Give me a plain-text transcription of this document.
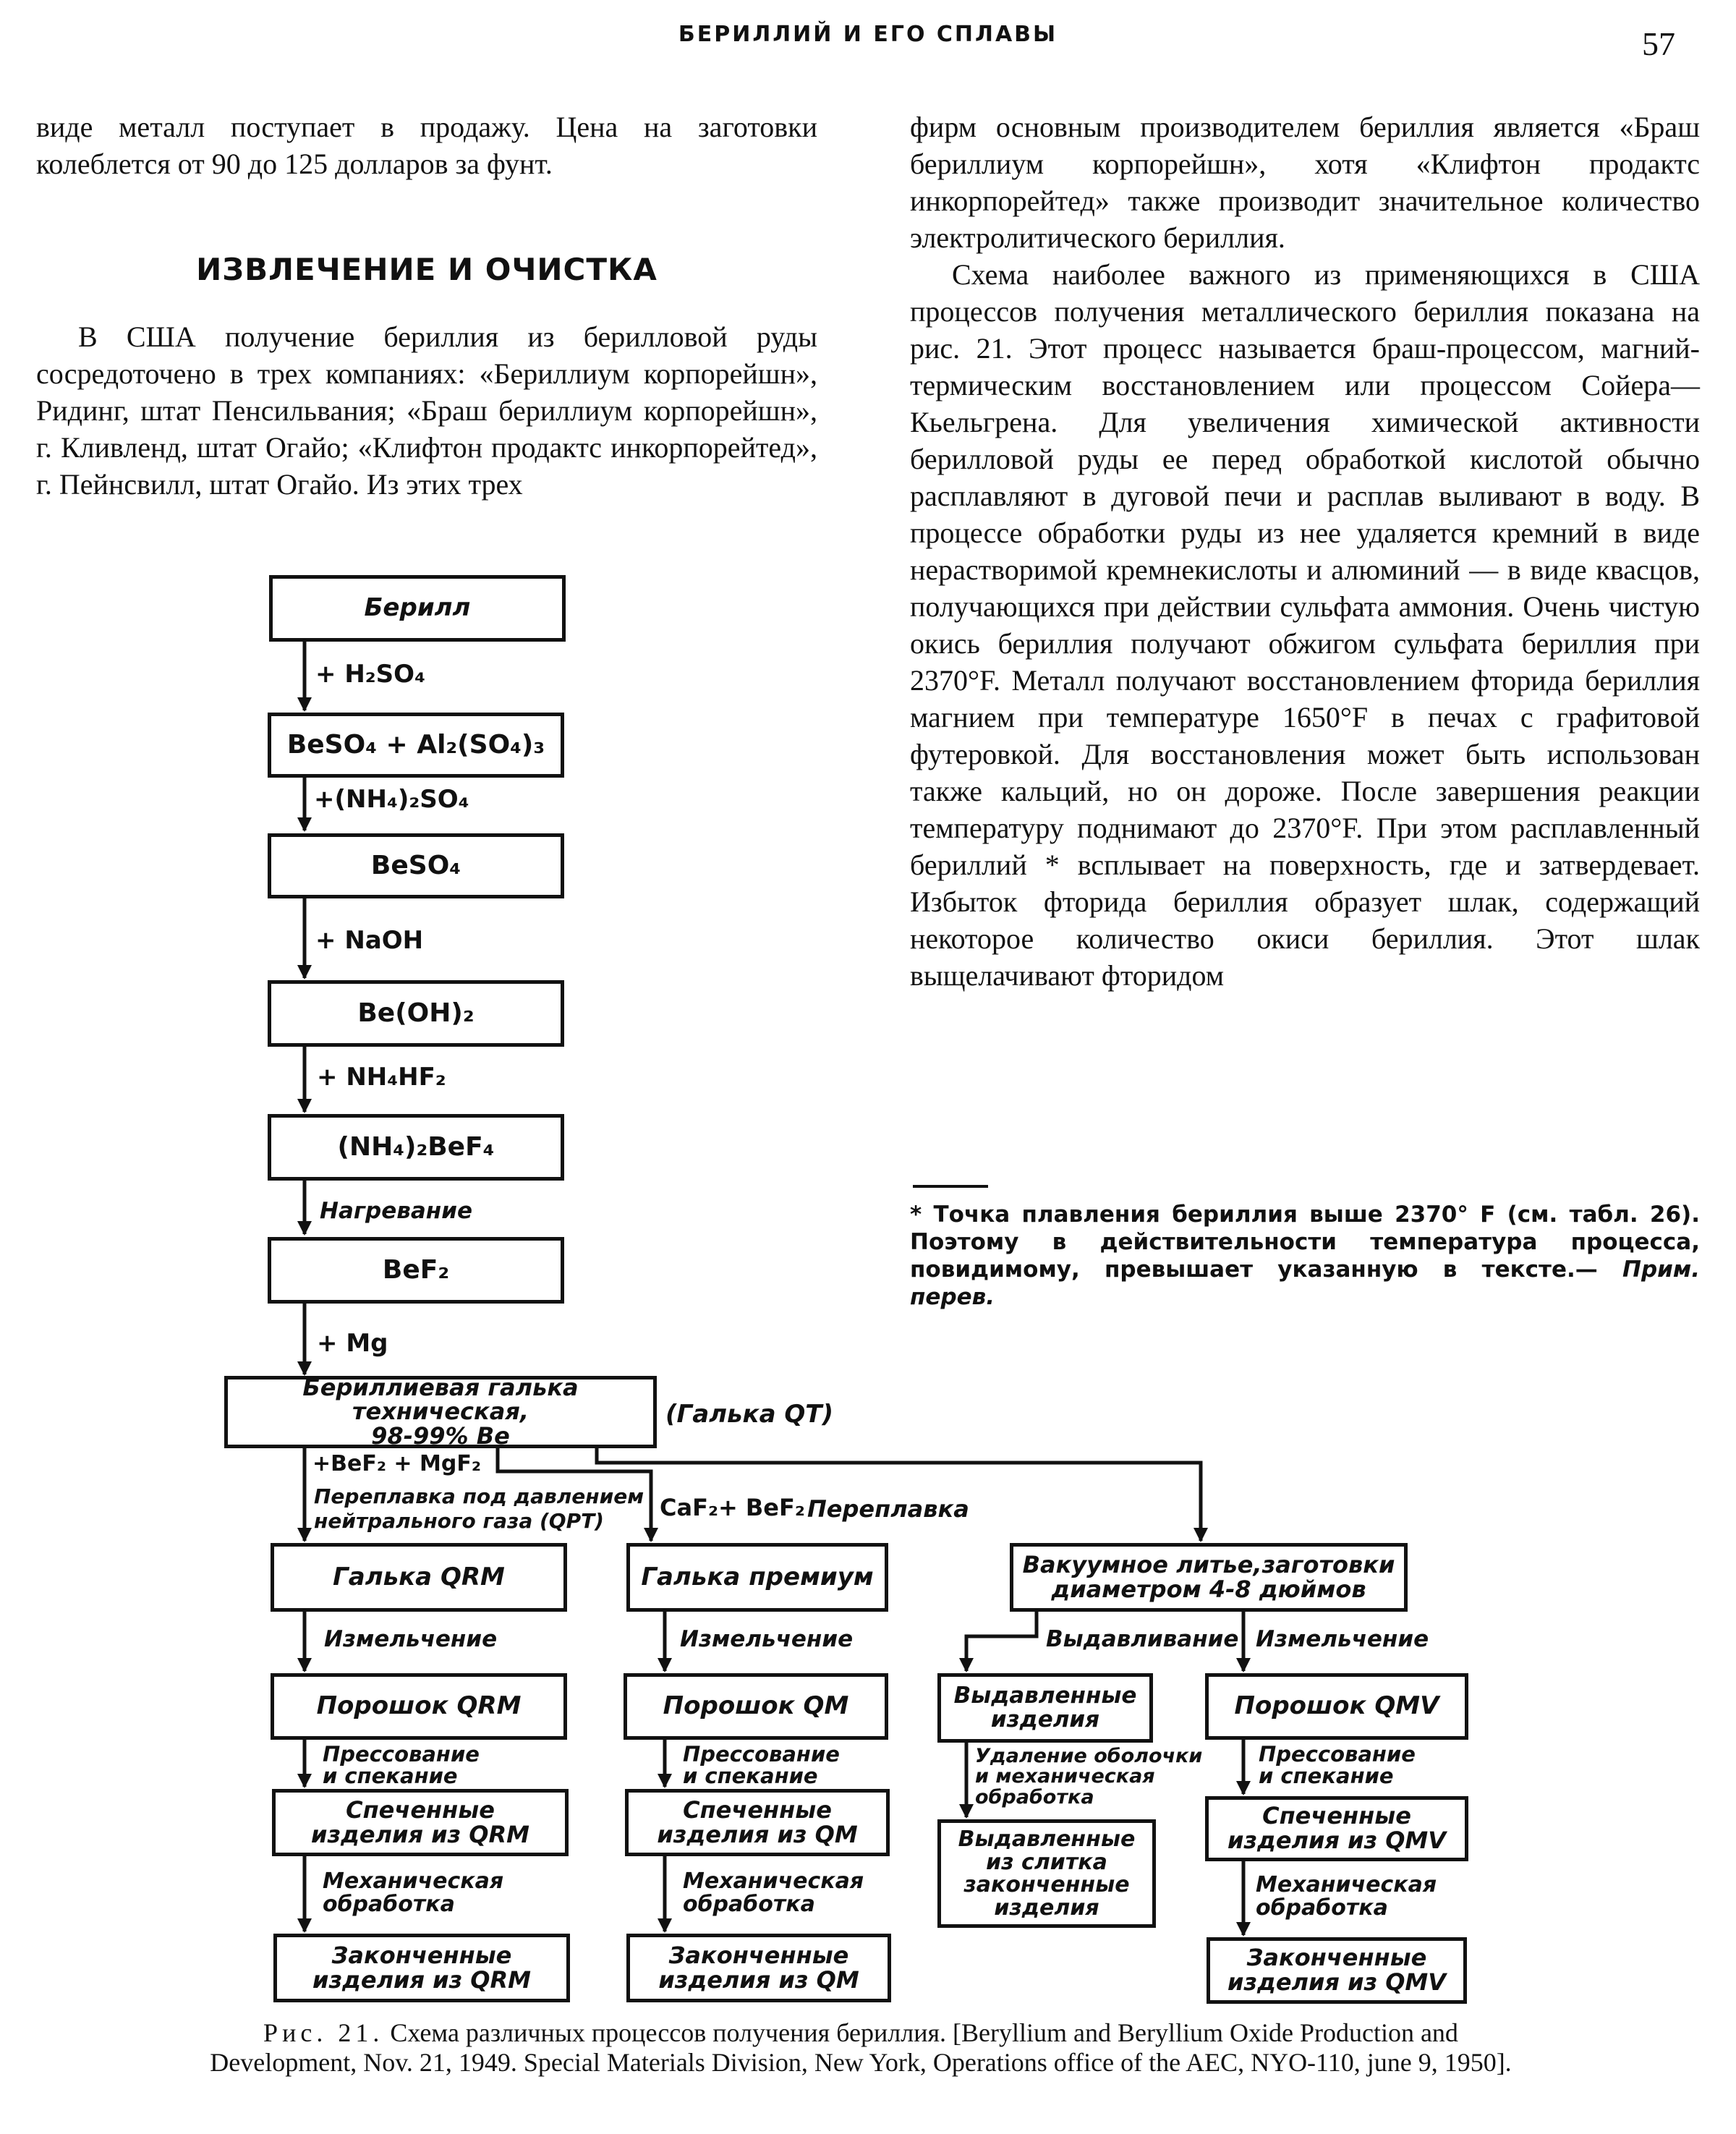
БЕРИЛЛИЙ И ЕГО СПЛАВЫ	57

виде металл поступает в продажу. Цена на заготовки колеблется от 90 до 125 долларов за фунт.

ИЗВЛЕЧЕНИЕ И ОЧИСТКА

В США получение бериллия из берилловой руды сосредоточено в трех компаниях: «Бериллиум корпорейшн», Ридинг, штат Пенсильвания; «Браш бериллиум корпорейшн», г. Кливленд, штат Огайо; «Клифтон продактс инкорпорейтед», г. Пейнсвилл, штат Огайо. Из этих трех

фирм основным производителем бериллия является «Браш бериллиум корпорейшн», хотя «Клифтон продактс инкорпорейтед» также производит значительное количество электролитического бериллия.

Схема наиболее важного из применяющихся в США процессов получения металлического бериллия показана на рис. 21. Этот процесс называется браш-процессом, магний-термическим восстановлением или процессом Сойера—Кьельгрена. Для увеличения химической активности берилловой руды ее перед обработкой кислотой обычно расплавляют в дуговой печи и расплав выливают в воду. В процессе обработки руды из нее удаляется кремний в виде нерастворимой кремнекислоты и алюминий — в виде квасцов, получающихся при действии сульфата аммония. Очень чистую окись бериллия получают обжигом сульфата бериллия при 2370°F. Металл получают восстановлением фторида бериллия магнием при температуре 1650°F в печах с графитовой футеровкой. Для восстановления может быть использован также кальций, но он дороже. После завершения реакции температуру поднимают до 2370°F. При этом расплавленный бериллий * всплывает на поверхность, где и затвердевает. Избыток фторида бериллия образует шлак, содержащий некоторое количество окиси бериллия. Этот шлак выщелачивают фторидом

* Точка плавления бериллия выше 2370° F (см. табл. 26). Поэтому в действительности температура процесса, повидимому, превышает указанную в тексте.— Прим. перев.
Берилл
BeSO₄ + Al₂(SO₄)₃
BeSO₄
Be(OH)₂
(NH₄)₂BeF₄
BeF₂
Бериллиевая галька техническая,
98-99% Be
+ H₂SO₄
+(NH₄)₂SO₄
+ NaOH
+ NH₄HF₂
Нагревание
+ Mg
(Галька QT)
+BeF₂ + MgF₂
Переплавка под давлением
нейтрального газа (QPT) CaF₂+ BeF₂ Переплавка
Галька QRM	Галька премиум	Вакуумное литье,заготовки
диаметром 4-8 дюймов
Измельчение	Измельчение	Выдавливание Измельчение
Порошок QRM	Порошок QM	Выдавленные
изделия	Порошок QMV
Прессование
и спекание
Прессование
и спекание
Удаление оболочки
и механическая
обработка
Прессование
и спекание
Спеченные
изделия из QRM
Спеченные
изделия из QM	Выдавленные
из слитка
законченные
изделия
Спеченные
изделия из QMV
Механическая
обработка
Механическая
обработка
Механическая
обработка
Законченные
изделия из QRM
Законченные
изделия из QM
Законченные
изделия из QMV
Рис. 21. Схема различных процессов получения бериллия. [Beryllium and Beryllium Oxide Production and Development, Nov. 21, 1949. Special Materials Division, New York, Operations office of the AEC, NYO-110, june 9, 1950].
